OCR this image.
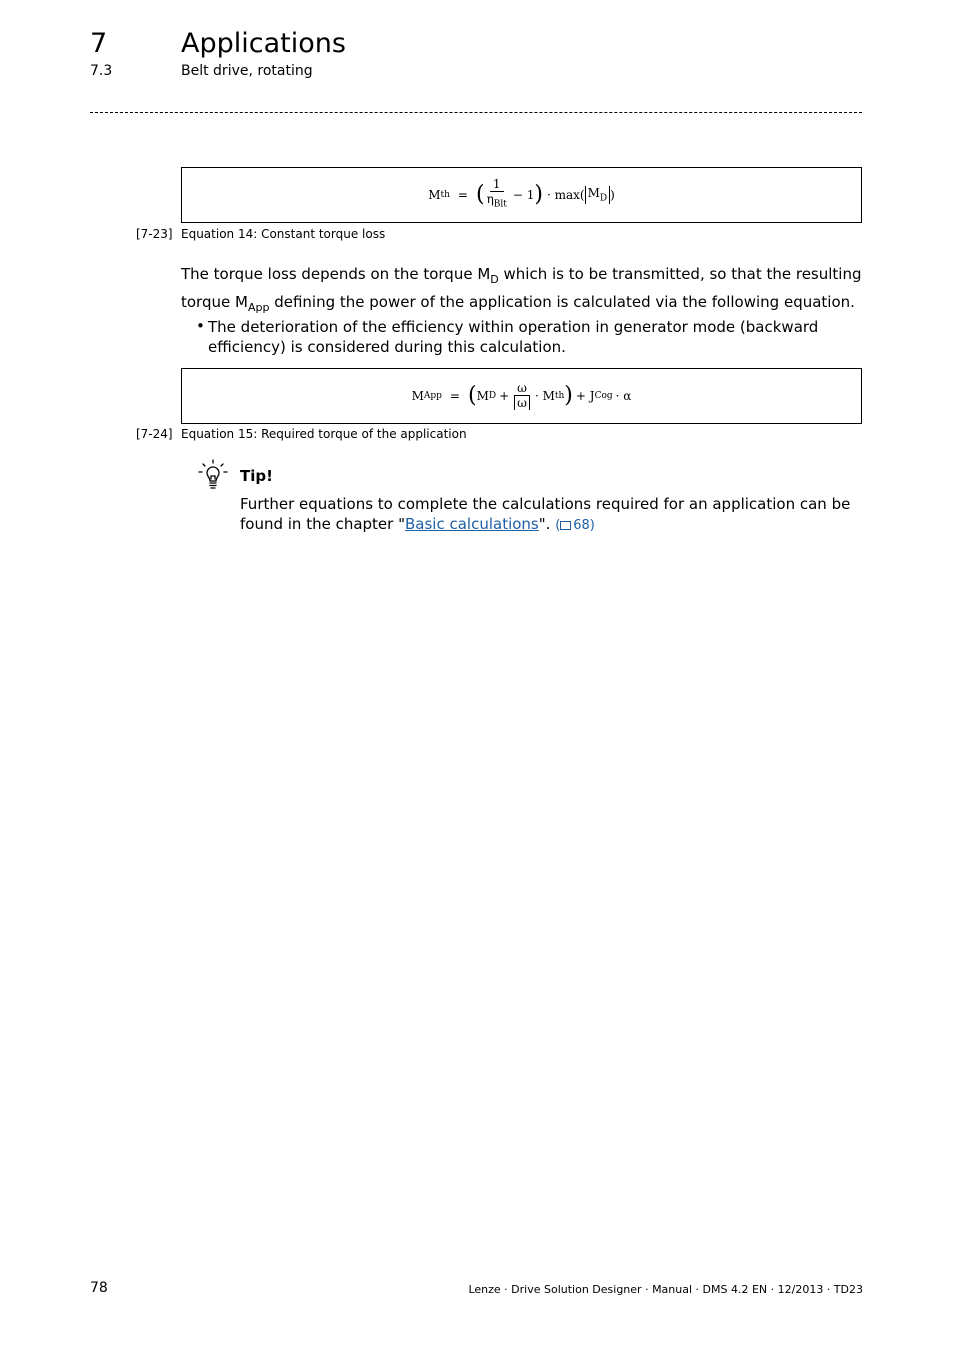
7	Applications
7.3	Belt drive, rotating
M th = ( $\frac{1}{\eta_{Blt}} - 1$ ) · max( $M_D$ )
[7-23] Equation 14: Constant torque loss
The torque loss depends on the torque $M_D$ which is to be transmitted, so that the resulting torque $M_{App}$ defining the power of the application is calculated via the following equation.
• The deterioration of the efficiency within operation in generator mode (backward efficiency) is considered during this calculation.
M App = ( M $D + \frac{\omega}{\omega} \cdot M$ th ) + J Cog · α
[7-24] Equation 15: Required torque of the application
Tip!
Further equations to complete the calculations required for an application can be found in the chapter "Basic calculations". ( 68)
78	Lenze · Drive Solution Designer · Manual · DMS 4.2 EN · 12/2013 · TD23
